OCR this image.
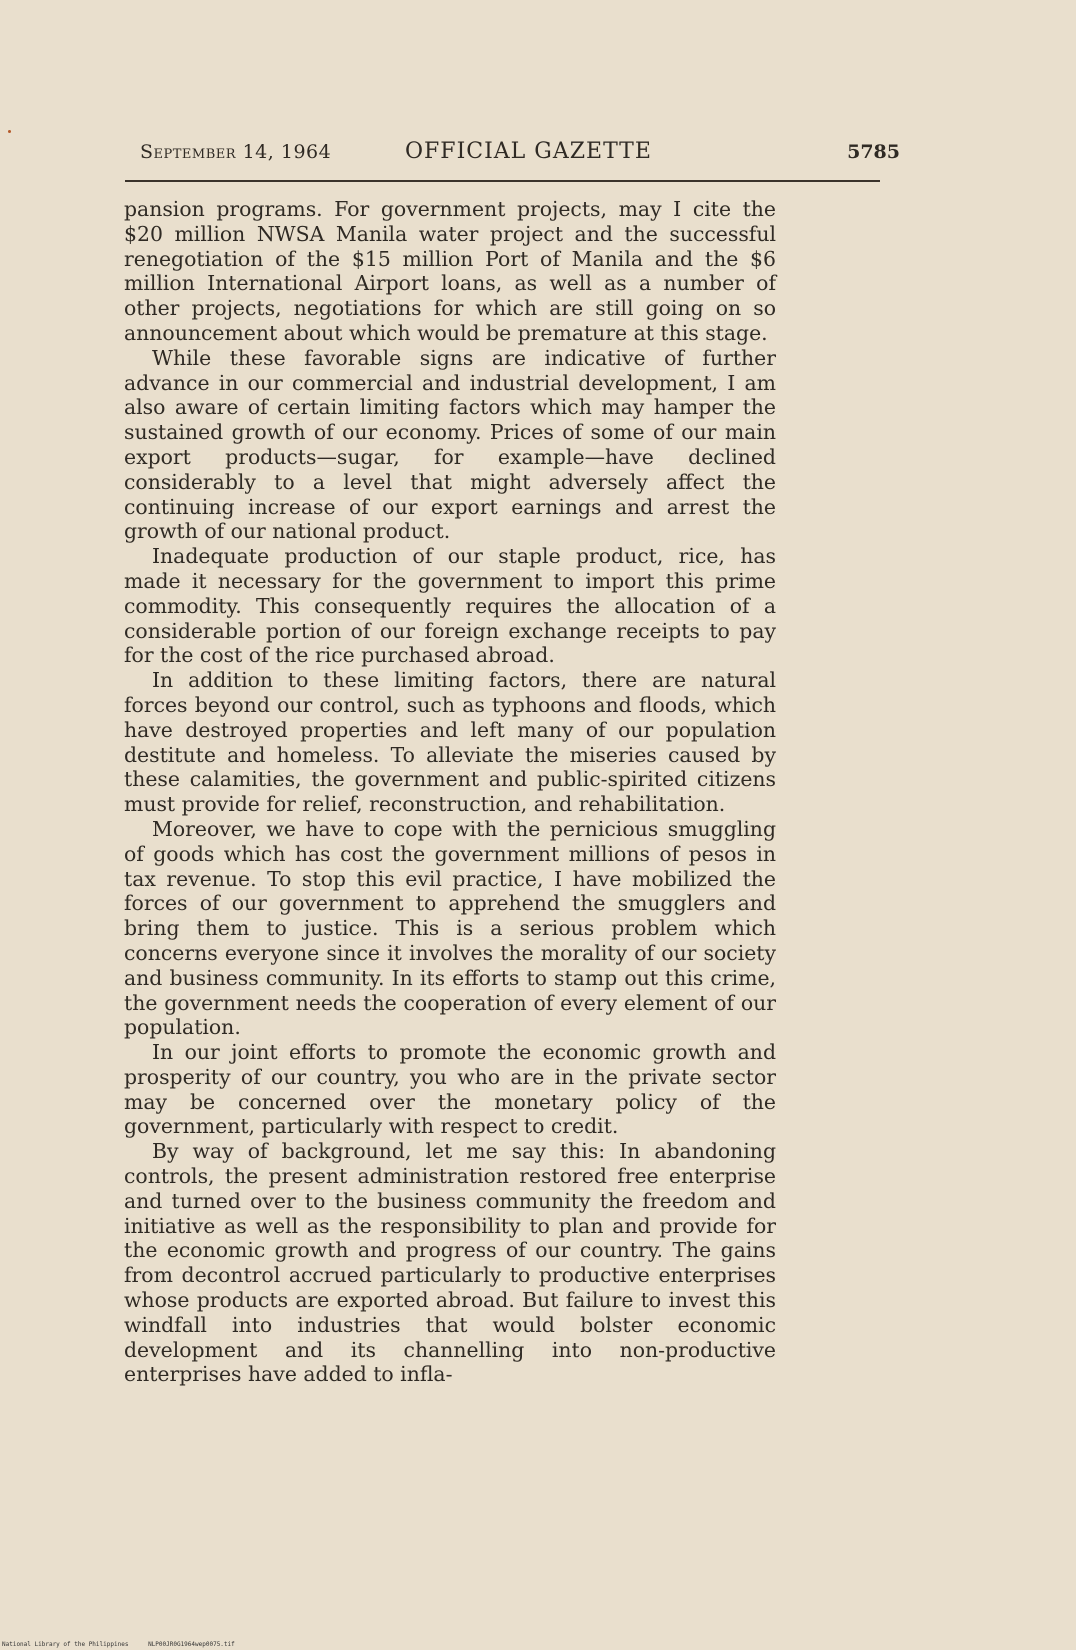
September 14, 1964	OFFICIAL GAZETTE	5785

pansion programs. For government projects, may I cite the $20 million NWSA Manila water project and the successful renegotiation of the $15 million Port of Manila and the $6 million International Airport loans, as well as a number of other projects, negotiations for which are still going on so announcement about which would be premature at this stage.

While these favorable signs are indicative of further advance in our commercial and industrial development, I am also aware of certain limiting factors which may hamper the sustained growth of our economy. Prices of some of our main export products—sugar, for example—have declined considerably to a level that might adversely affect the continuing increase of our export earnings and arrest the growth of our national product.

Inadequate production of our staple product, rice, has made it necessary for the government to import this prime commodity. This consequently requires the allocation of a considerable portion of our foreign exchange receipts to pay for the cost of the rice purchased abroad.

In addition to these limiting factors, there are natural forces beyond our control, such as typhoons and floods, which have destroyed properties and left many of our population destitute and homeless. To alleviate the miseries caused by these calamities, the government and public-spirited citizens must provide for relief, reconstruction, and rehabilitation.

Moreover, we have to cope with the pernicious smuggling of goods which has cost the government millions of pesos in tax revenue. To stop this evil practice, I have mobilized the forces of our government to apprehend the smugglers and bring them to justice. This is a serious problem which concerns everyone since it involves the morality of our society and business community. In its efforts to stamp out this crime, the government needs the cooperation of every element of our population.

In our joint efforts to promote the economic growth and prosperity of our country, you who are in the private sector may be concerned over the monetary policy of the government, particularly with respect to credit.

By way of background, let me say this: In abandoning controls, the present administration restored free enterprise and turned over to the business community the freedom and initiative as well as the responsibility to plan and provide for the economic growth and progress of our country. The gains from decontrol accrued particularly to productive enterprises whose products are exported abroad. But failure to invest this windfall into industries that would bolster economic development and its channelling into non-productive enterprises have added to infla-

National Library of the Philippines	NLP00JR0G1964wep0075.tif
